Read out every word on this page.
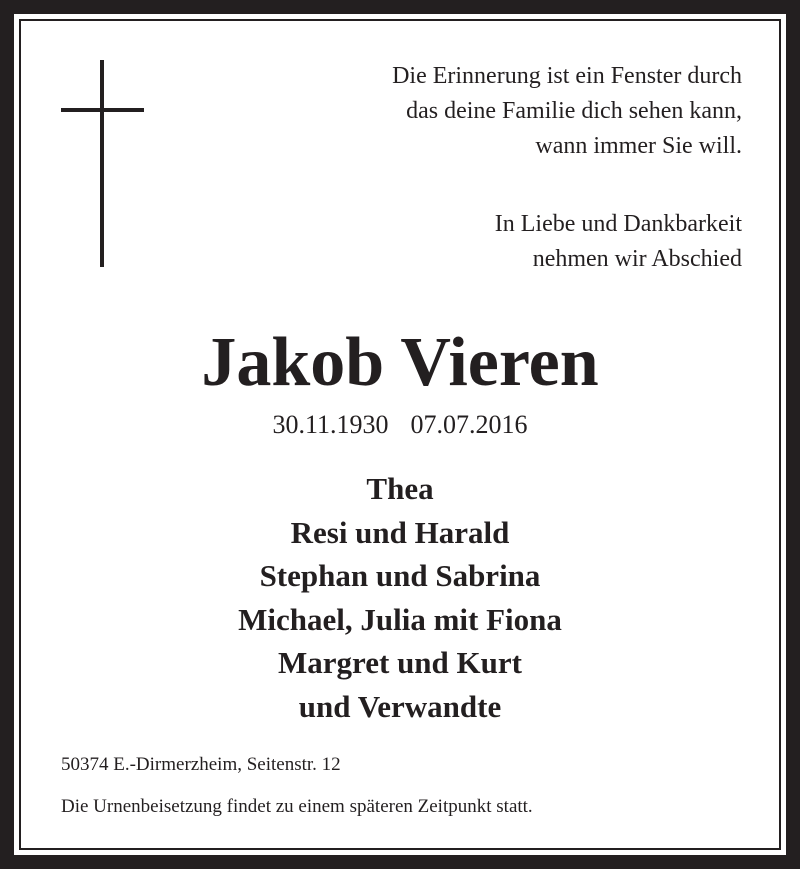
Die Erinnerung ist ein Fenster durch
das deine Familie dich sehen kann,
wann immer Sie will.
In Liebe und Dankbarkeit
nehmen wir Abschied
Jakob Vieren
30.11.1930 07.07.2016
Thea
Resi und Harald
Stephan und Sabrina
Michael, Julia mit Fiona
Margret und Kurt
und Verwandte
50374 E.-Dirmerzheim, Seitenstr. 12
Die Urnenbeisetzung findet zu einem späteren Zeitpunkt statt.
